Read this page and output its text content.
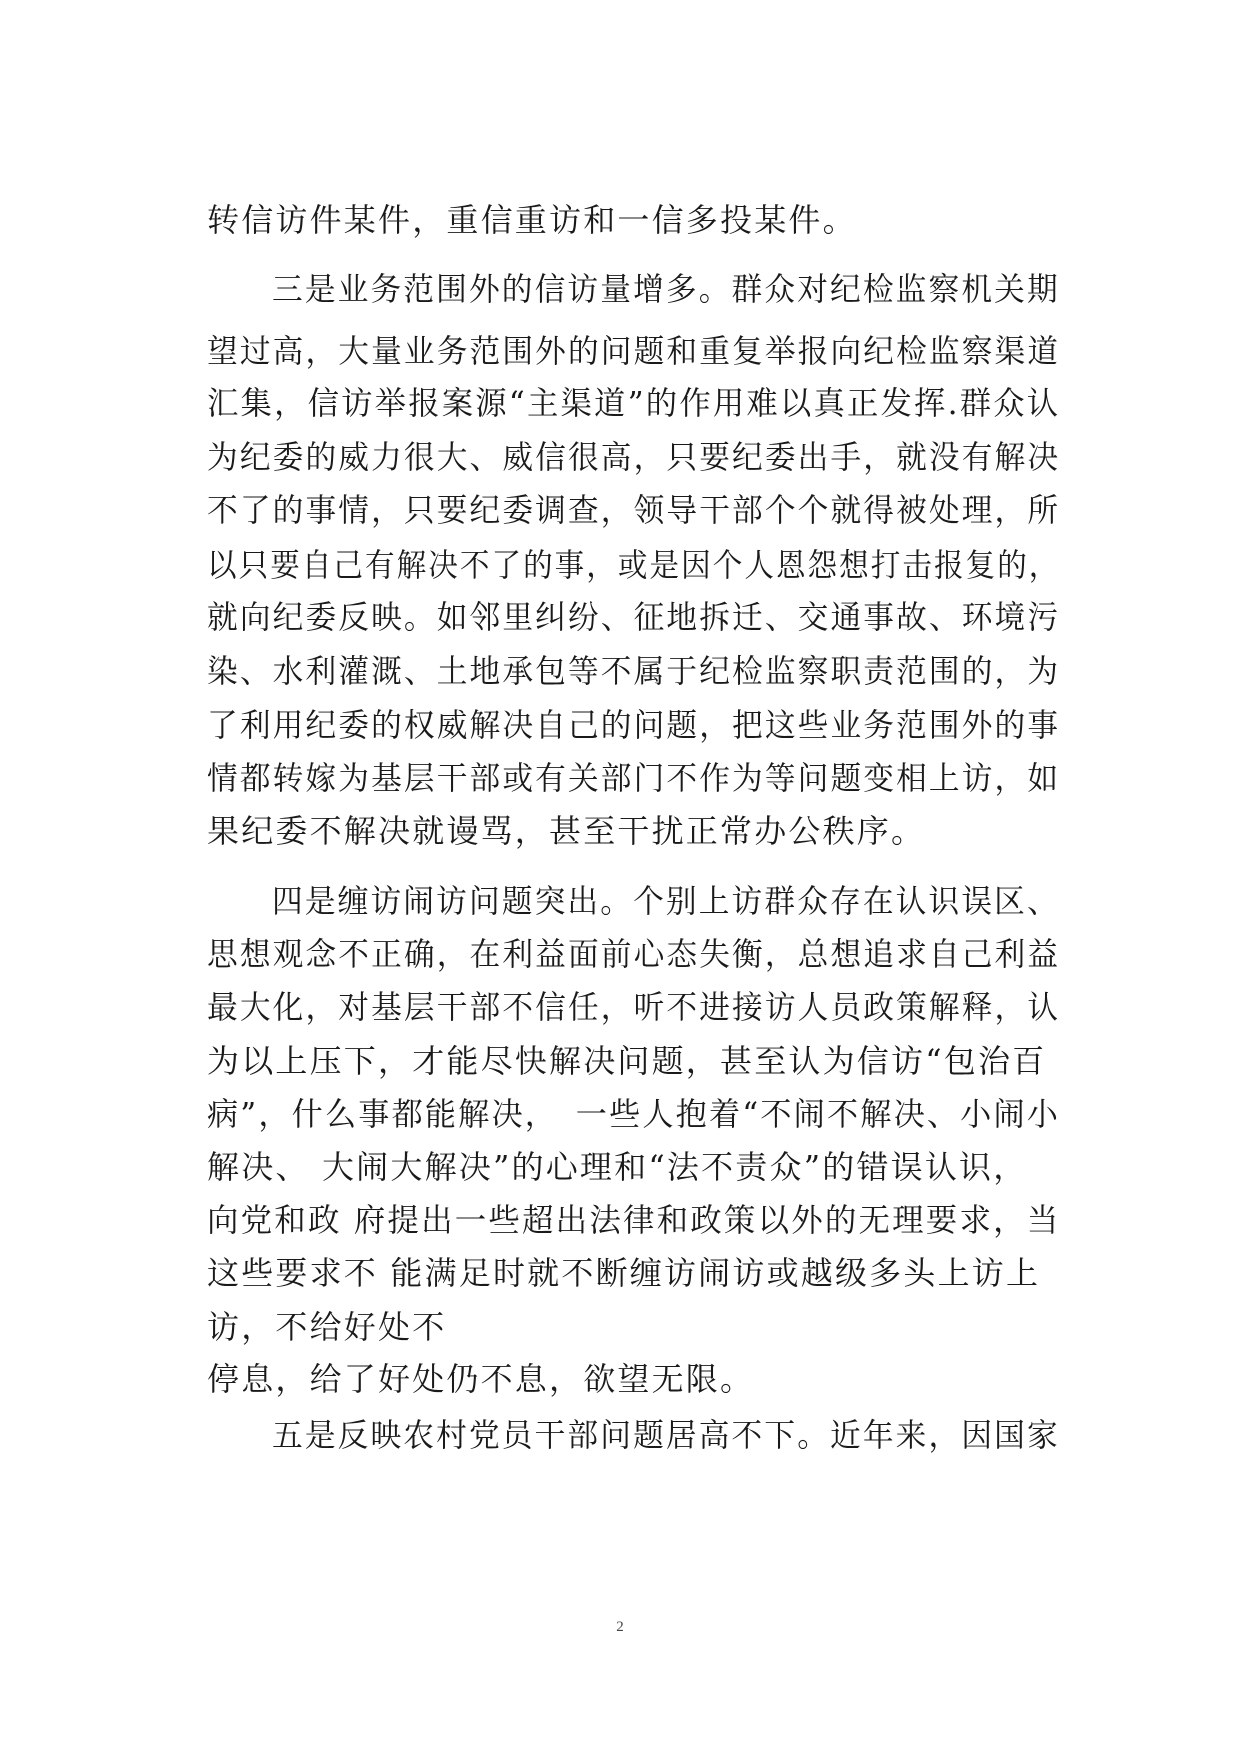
转信访件某件，重信重访和一信多投某件。
三是业务范围外的信访量增多。群众对纪检监察机关期
望过高，大量业务范围外的问题和重复举报向纪检监察渠道
汇集，信访举报案源“主渠道”的作用难以真正发挥.群众认
为纪委的威力很大、威信很高，只要纪委出手，就没有解决
不了的事情，只要纪委调查，领导干部个个就得被处理，所
以只要自己有解决不了的事，或是因个人恩怨想打击报复的，
就向纪委反映。如邻里纠纷、征地拆迁、交通事故、环境污
染、水利灌溉、土地承包等不属于纪检监察职责范围的，为
了利用纪委的权威解决自己的问题，把这些业务范围外的事
情都转嫁为基层干部或有关部门不作为等问题变相上访，如
果纪委不解决就谩骂，甚至干扰正常办公秩序。
四是缠访闹访问题突出。个别上访群众存在认识误区、
思想观念不正确，在利益面前心态失衡，总想追求自己利益
最大化，对基层干部不信任，听不进接访人员政策解释，认
为以上压下，才能尽快解决问题，甚至认为信访“包治百
病”，什么事都能解决，　一些人抱着“不闹不解决、小闹小
解决、 大闹大解决”的心理和“法不责众”的错误认识，
向党和政 府提出一些超出法律和政策以外的无理要求，当
这些要求不 能满足时就不断缠访闹访或越级多头上访上
访，不给好处不
停息，给了好处仍不息，欲望无限。
五是反映农村党员干部问题居高不下。近年来，因国家
2
